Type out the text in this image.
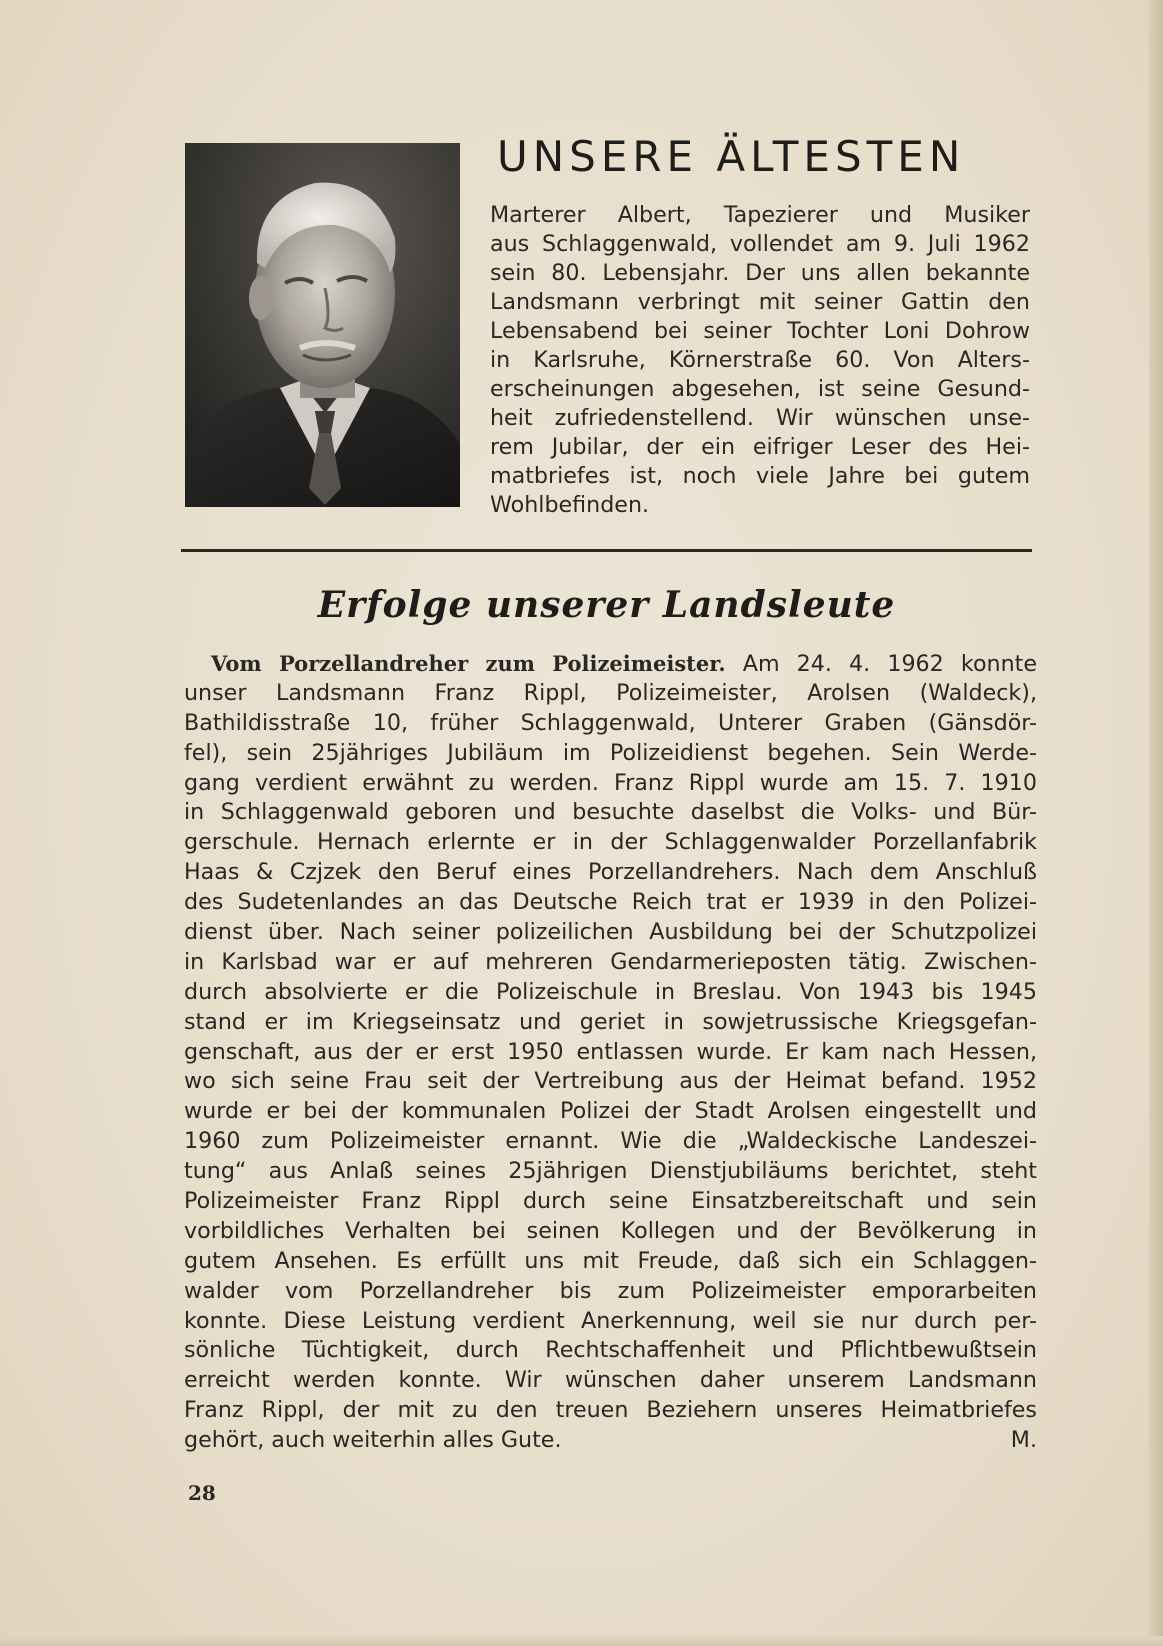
UNSERE ÄLTESTEN
Marterer Albert, Tapezierer und Musiker
aus Schlaggenwald, vollendet am 9. Juli 1962
sein 80. Lebensjahr. Der uns allen bekannte
Landsmann verbringt mit seiner Gattin den
Lebensabend bei seiner Tochter Loni Dohrow
in Karlsruhe, Körnerstraße 60. Von Alters-
erscheinungen abgesehen, ist seine Gesund-
heit zufriedenstellend. Wir wünschen unse-
rem Jubilar, der ein eifriger Leser des Hei-
matbriefes ist, noch viele Jahre bei gutem
Wohlbefinden.
Erfolge unserer Landsleute
Vom Porzellandreher zum Polizeimeister. Am 24. 4. 1962 konnte
unser Landsmann Franz Rippl, Polizeimeister, Arolsen (Waldeck),
Bathildisstraße 10, früher Schlaggenwald, Unterer Graben (Gänsdör-
fel), sein 25jähriges Jubiläum im Polizeidienst begehen. Sein Werde-
gang verdient erwähnt zu werden. Franz Rippl wurde am 15. 7. 1910
in Schlaggenwald geboren und besuchte daselbst die Volks- und Bür-
gerschule. Hernach erlernte er in der Schlaggenwalder Porzellanfabrik
Haas & Czjzek den Beruf eines Porzellandrehers. Nach dem Anschluß
des Sudetenlandes an das Deutsche Reich trat er 1939 in den Polizei-
dienst über. Nach seiner polizeilichen Ausbildung bei der Schutzpolizei
in Karlsbad war er auf mehreren Gendarmerieposten tätig. Zwischen-
durch absolvierte er die Polizeischule in Breslau. Von 1943 bis 1945
stand er im Kriegseinsatz und geriet in sowjetrussische Kriegsgefan-
genschaft, aus der er erst 1950 entlassen wurde. Er kam nach Hessen,
wo sich seine Frau seit der Vertreibung aus der Heimat befand. 1952
wurde er bei der kommunalen Polizei der Stadt Arolsen eingestellt und
1960 zum Polizeimeister ernannt. Wie die „Waldeckische Landeszei-
tung“ aus Anlaß seines 25jährigen Dienstjubiläums berichtet, steht
Polizeimeister Franz Rippl durch seine Einsatzbereitschaft und sein
vorbildliches Verhalten bei seinen Kollegen und der Bevölkerung in
gutem Ansehen. Es erfüllt uns mit Freude, daß sich ein Schlaggen-
walder vom Porzellandreher bis zum Polizeimeister emporarbeiten
konnte. Diese Leistung verdient Anerkennung, weil sie nur durch per-
sönliche Tüchtigkeit, durch Rechtschaffenheit und Pflichtbewußtsein
erreicht werden konnte. Wir wünschen daher unserem Landsmann
Franz Rippl, der mit zu den treuen Beziehern unseres Heimatbriefes
gehört, auch weiterhin alles Gute.	M.
28
